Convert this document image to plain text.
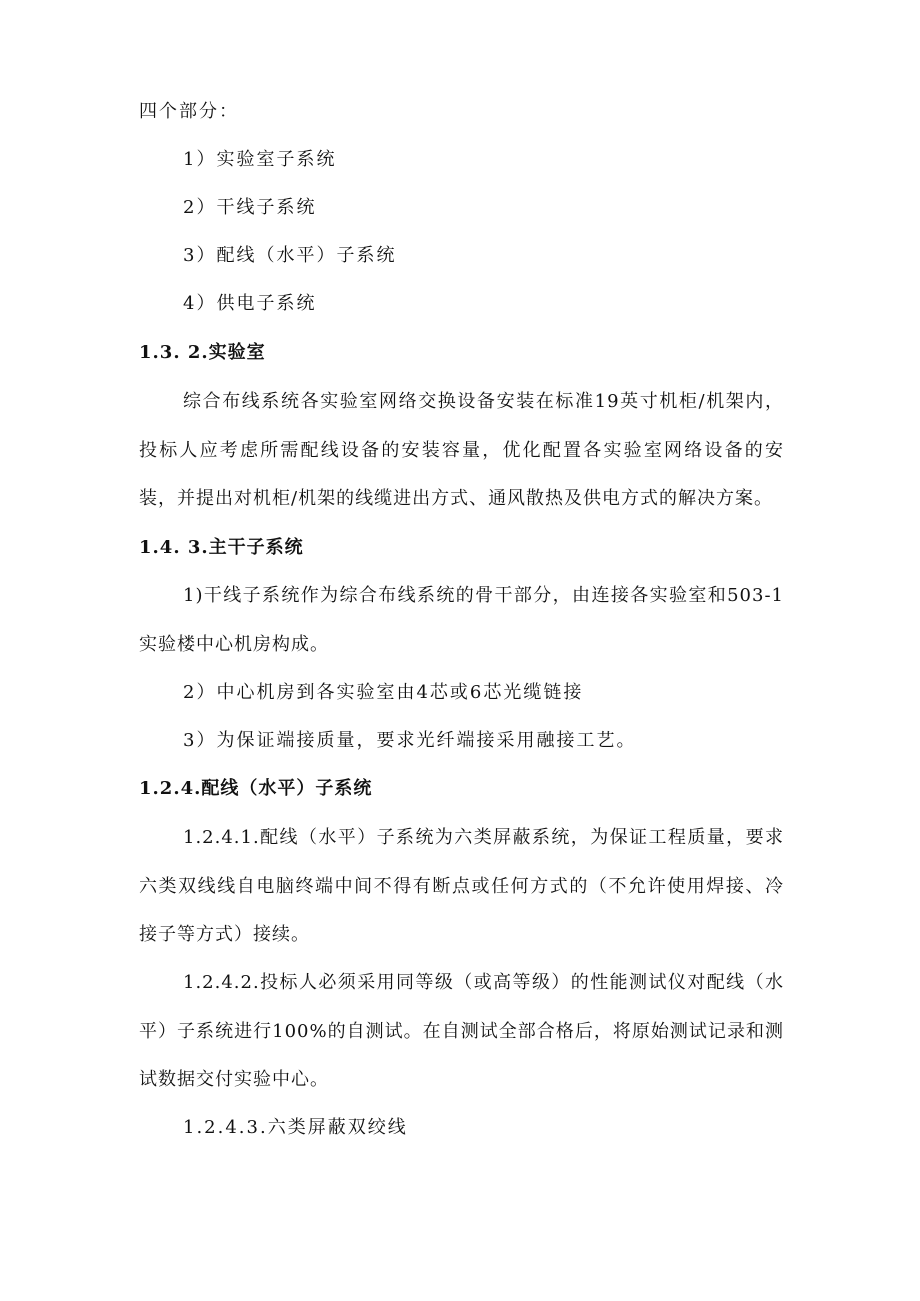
四个部分：
1）实验室子系统
2）干线子系统
3）配线（水平）子系统
4）供电子系统
1.3. 2.实验室
综合布线系统各实验室网络交换设备安装在标准19英寸机柜/机架内，投标人应考虑所需配线设备的安装容量，优化配置各实验室网络设备的安装，并提出对机柜/机架的线缆进出方式、通风散热及供电方式的解决方案。
1.4. 3.主干子系统
1)干线子系统作为综合布线系统的骨干部分，由连接各实验室和503-1实验楼中心机房构成。
2）中心机房到各实验室由4芯或6芯光缆链接
3）为保证端接质量，要求光纤端接采用融接工艺。
1.2.4.配线（水平）子系统
1.2.4.1.配线（水平）子系统为六类屏蔽系统，为保证工程质量，要求六类双线线自电脑终端中间不得有断点或任何方式的（不允许使用焊接、冷接子等方式）接续。
1.2.4.2.投标人必须采用同等级（或高等级）的性能测试仪对配线（水平）子系统进行100%的自测试。在自测试全部合格后，将原始测试记录和测试数据交付实验中心。
1.2.4.3.六类屏蔽双绞线
